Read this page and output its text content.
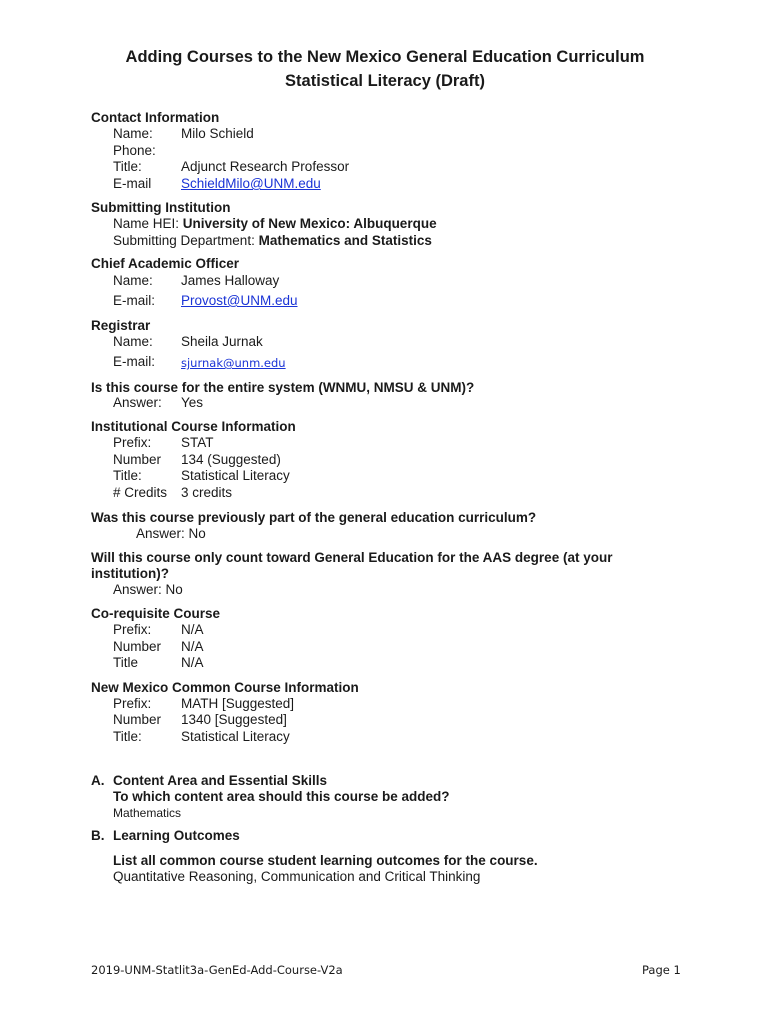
Adding Courses to the New Mexico General Education Curriculum
Statistical Literacy (Draft)
Contact Information
Name: Milo Schield
Phone:
Title:	Adjunct Research Professor
E-mail SchieldMilo@UNM.edu
Submitting Institution
Name HEI: University of New Mexico: Albuquerque
Submitting Department: Mathematics and Statistics
Chief Academic Officer
Name: James Halloway
E-mail: Provost@UNM.edu
Registrar
Name: Sheila Jurnak
E-mail: sjurnak@unm.edu
Is this course for the entire system (WNMU, NMSU & UNM)?
Answer: Yes
Institutional Course Information
Prefix: STAT
Number 134 (Suggested)
Title:	Statistical Literacy
# Credits 3 credits
Was this course previously part of the general education curriculum?
Answer: No
Will this course only count toward General Education for the AAS degree (at your
institution)?
Answer: No
Co-requisite Course
Prefix: N/A
Number N/A
Title	N/A
New Mexico Common Course Information
Prefix: MATH [Suggested]
Number 1340 [Suggested]
Title:	Statistical Literacy
A. Content Area and Essential Skills
To which content area should this course be added?
Mathematics
B. Learning Outcomes
List all common course student learning outcomes for the course.
Quantitative Reasoning, Communication and Critical Thinking
2019-UNM-Statlit3a-GenEd-Add-Course-V2a	Page 1
